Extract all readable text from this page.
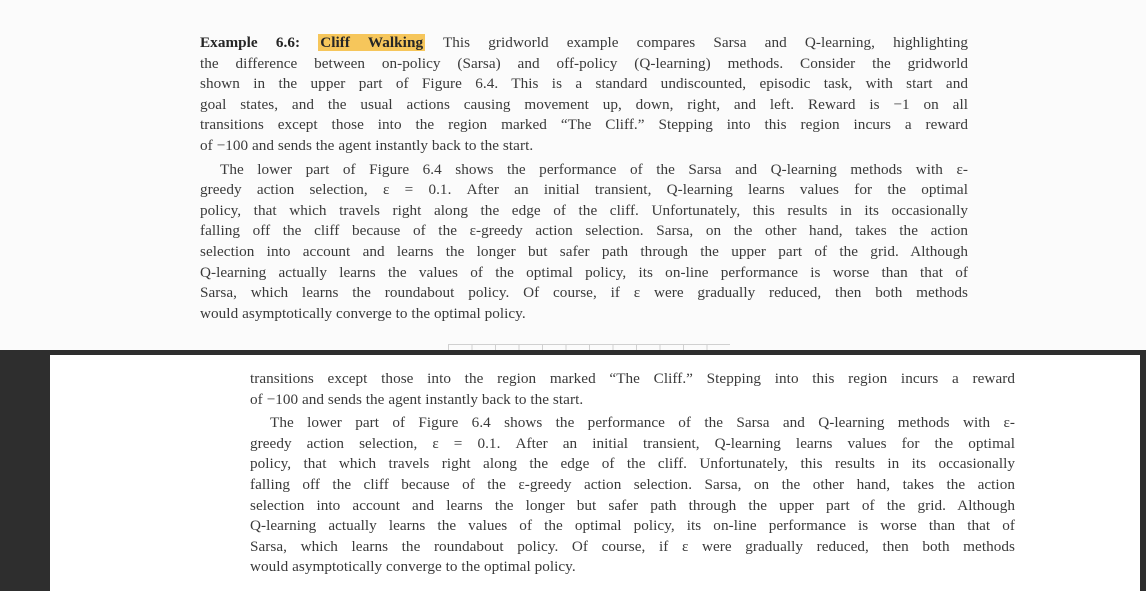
Example 6.6: Cliff Walking This gridworld example compares Sarsa and Q-learning, highlighting
the difference between on-policy (Sarsa) and off-policy (Q-learning) methods. Consider the gridworld
shown in the upper part of Figure 6.4. This is a standard undiscounted, episodic task, with start and
goal states, and the usual actions causing movement up, down, right, and left. Reward is −1 on all
transitions except those into the region marked “The Cliff.” Stepping into this region incurs a reward
of −100 and sends the agent instantly back to the start.
The lower part of Figure 6.4 shows the performance of the Sarsa and Q-learning methods with ε-
greedy action selection, ε = 0.1. After an initial transient, Q-learning learns values for the optimal
policy, that which travels right along the edge of the cliff. Unfortunately, this results in its occasionally
falling off the cliff because of the ε-greedy action selection. Sarsa, on the other hand, takes the action
selection into account and learns the longer but safer path through the upper part of the grid. Although
Q-learning actually learns the values of the optimal policy, its on-line performance is worse than that of
Sarsa, which learns the roundabout policy. Of course, if ε were gradually reduced, then both methods
would asymptotically converge to the optimal policy.
transitions except those into the region marked “The Cliff.” Stepping into this region incurs a reward
of −100 and sends the agent instantly back to the start.
The lower part of Figure 6.4 shows the performance of the Sarsa and Q-learning methods with ε-
greedy action selection, ε = 0.1. After an initial transient, Q-learning learns values for the optimal
policy, that which travels right along the edge of the cliff. Unfortunately, this results in its occasionally
falling off the cliff because of the ε-greedy action selection. Sarsa, on the other hand, takes the action
selection into account and learns the longer but safer path through the upper part of the grid. Although
Q-learning actually learns the values of the optimal policy, its on-line performance is worse than that of
Sarsa, which learns the roundabout policy. Of course, if ε were gradually reduced, then both methods
would asymptotically converge to the optimal policy.
